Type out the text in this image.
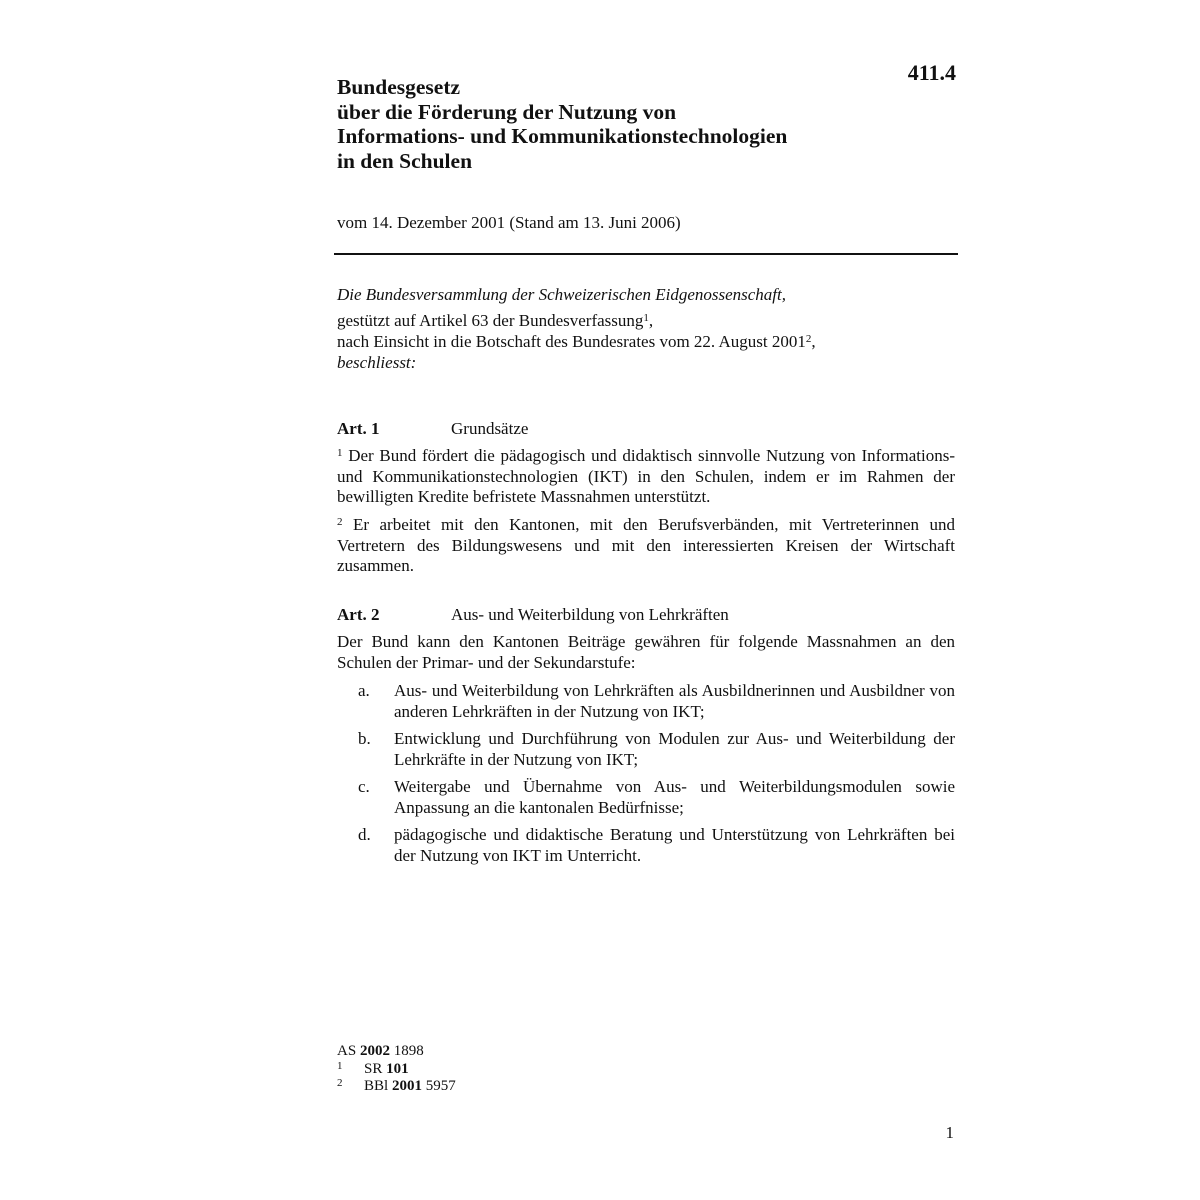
411.4
Bundesgesetz
über die Förderung der Nutzung von
Informations- und Kommunikationstechnologien
in den Schulen
vom 14. Dezember 2001 (Stand am 13. Juni 2006)
Die Bundesversammlung der Schweizerischen Eidgenossenschaft,
gestützt auf Artikel 63 der Bundesverfassung$^1$,
nach Einsicht in die Botschaft des Bundesrates vom 22. August 2001$^2$,
beschliesst:
Art. 1	Grundsätze
$^1$ Der Bund fördert die pädagogisch und didaktisch sinnvolle Nutzung von Informations- und Kommunikationstechnologien (IKT) in den Schulen, indem er im Rahmen der bewilligten Kredite befristete Massnahmen unterstützt.
$^2$ Er arbeitet mit den Kantonen, mit den Berufsverbänden, mit Vertreterinnen und Vertretern des Bildungswesens und mit den interessierten Kreisen der Wirtschaft zusammen.
Art. 2	Aus- und Weiterbildung von Lehrkräften
Der Bund kann den Kantonen Beiträge gewähren für folgende Massnahmen an den Schulen der Primar- und der Sekundarstufe:
a. Aus- und Weiterbildung von Lehrkräften als Ausbildnerinnen und Ausbildner von anderen Lehrkräften in der Nutzung von IKT;
b. Entwicklung und Durchführung von Modulen zur Aus- und Weiterbildung der Lehrkräfte in der Nutzung von IKT;
c. Weitergabe und Übernahme von Aus- und Weiterbildungsmodulen sowie Anpassung an die kantonalen Bedürfnisse;
d. pädagogische und didaktische Beratung und Unterstützung von Lehrkräften bei der Nutzung von IKT im Unterricht.
AS 2002 1898
1 SR 101
2 BBl 2001 5957
1
